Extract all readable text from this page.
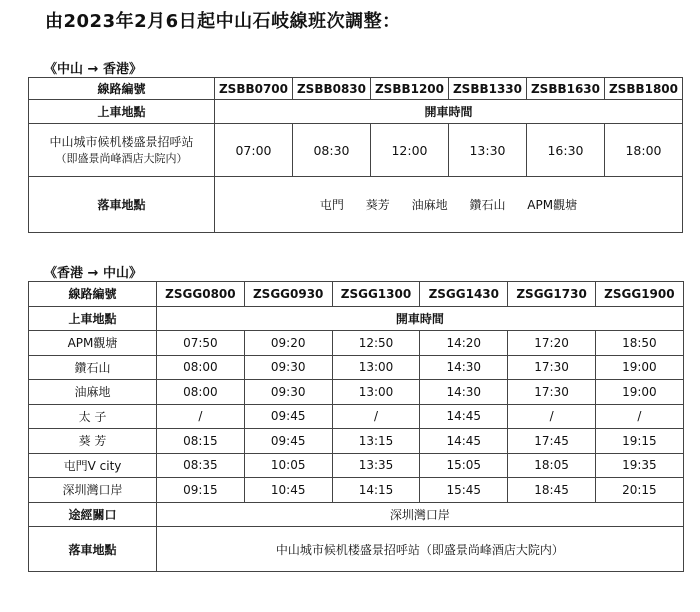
由2023年2月6日起中山石岐線班次調整：
《中山 → 香港》
線路編號	ZSBB0700	ZSBB0830	ZSBB1200	ZSBB1330	ZSBB1630	ZSBB1800
上車地點	開車時間					

中山城市候机楼盛景招呼站
（即盛景尚峰酒店大院内）	07:00	08:30	12:00	13:30	16:30	18:00
落車地點	屯門 葵芳 油麻地 鑽石山 APM觀塘					
《香港 → 中山》
線路編號	ZSGG0800	ZSGG0930	ZSGG1300	ZSGG1430	ZSGG1730	ZSGG1900
上車地點	開車時間					
APM觀塘	07:50	09:20	12:50	14:20	17:20	18:50
鑽石山	08:00	09:30	13:00	14:30	17:30	19:00
油麻地	08:00	09:30	13:00	14:30	17:30	19:00
太 子	/	09:45	/	14:45	/	/
葵 芳	08:15	09:45	13:15	14:45	17:45	19:15
屯門V city	08:35	10:05	13:35	15:05	18:05	19:35
深圳灣口岸	09:15	10:45	14:15	15:45	18:45	20:15
途經關口	深圳灣口岸					
落車地點	中山城市候机楼盛景招呼站（即盛景尚峰酒店大院内）					
